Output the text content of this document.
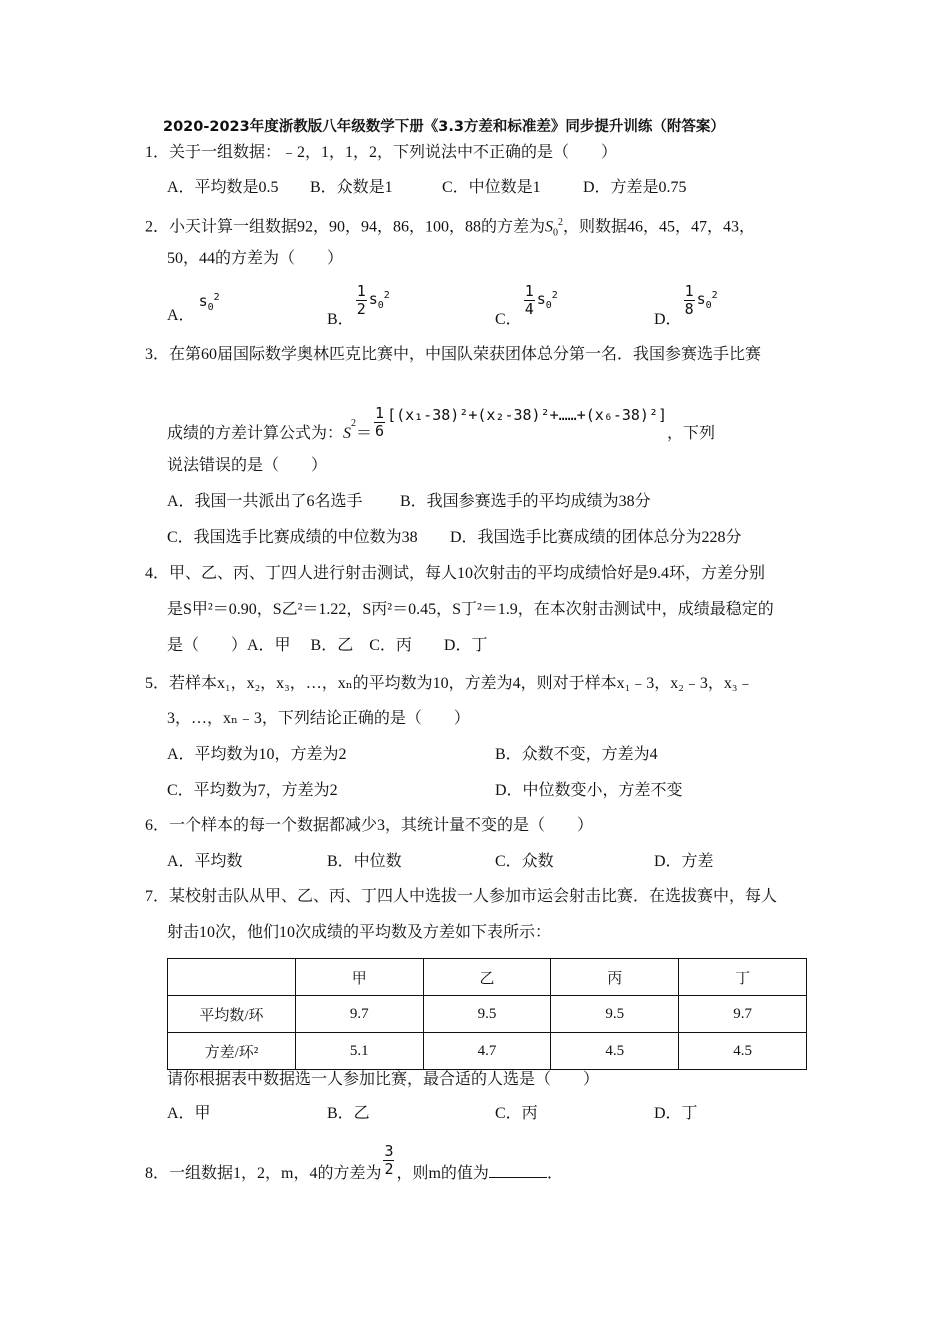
2020-2023年度浙教版八年级数学下册《3.3方差和标准差》同步提升训练（附答案）
1．关于一组数据：﹣2，1，1，2，下列说法中不正确的是（　　）
A．平均数是0.5 B．众数是1	C．中位数是1	D．方差是0.75
2．小天计算一组数据92，90，94，86，100，88的方差为$S_0^2$，则数据46，45，47，43，
50，44的方差为（　　）
A． $s_0^2$
B．
$\frac{1}{2} s_0^2$
C．
$\frac{1}{4} s_0^2$
D．
$\frac{1}{8} s_0^2$
3．在第60届国际数学奥林匹克比赛中，中国队荣获团体总分第一名．我国参赛选手比赛
成绩的方差计算公式为：$S2= \frac{1}{6}$ [(x₁-38)²+(x₂-38)²+……+(x₆-38)²]，下列
说法错误的是（　　）
A．我国一共派出了6名选手 B．我国参赛选手的平均成绩为38分
C．我国选手比赛成绩的中位数为38 D．我国选手比赛成绩的团体总分为228分
4．甲、乙、丙、丁四人进行射击测试，每人10次射击的平均成绩恰好是9.4环，方差分别
是S甲²＝0.90，S乙²＝1.22，S丙²＝0.45，S丁²＝1.9，在本次射击测试中，成绩最稳定的
是（　　）A．甲　 B．乙　C．丙　　D．丁
5．若样本x₁，x₂，x₃，…，xₙ的平均数为10，方差为4，则对于样本x₁﹣3，x₂﹣3，x₃﹣
3，…，xₙ﹣3，下列结论正确的是（　　）
A．平均数为10，方差为2	B．众数不变，方差为4
C．平均数为7，方差为2	D．中位数变小，方差不变
6．一个样本的每一个数据都减少3，其统计量不变的是（　　）
A．平均数	B．中位数	C．众数	D．方差
7．某校射击队从甲、乙、丙、丁四人中选拔一人参加市运会射击比赛．在选拔赛中，每人
射击10次，他们10次成绩的平均数及方差如下表所示：
	甲	乙	丙	丁
平均数/环	9.7	9.5	9.5	9.7
方差/环²	5.1	4.7	4.5	4.5
请你根据表中数据选一人参加比赛，最合适的人选是（　　）
A．甲	B．乙	C．丙	D．丁
8．一组数据1，2，m，4的方差为 $\frac{3}{2}$ ，则m的值为	．
